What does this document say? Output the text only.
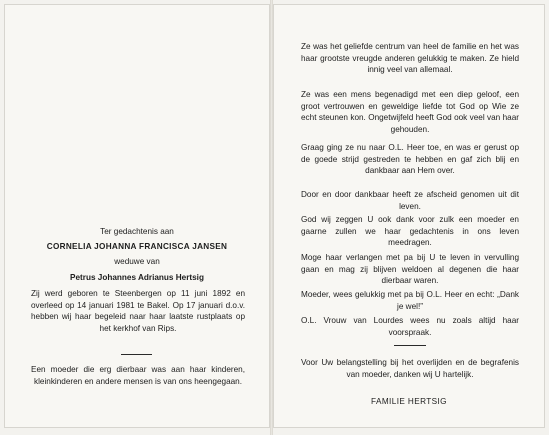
Ter gedachtenis aan
CORNELIA JOHANNA FRANCISCA JANSEN
weduwe van
Petrus Johannes Adrianus Hertsig
Zij werd geboren te Steenbergen op 11 juni 1892 en overleed op 14 januari 1981 te Bakel. Op 17 januari d.o.v. hebben wij haar begeleid naar haar laatste rustplaats op het kerkhof van Rips.
Een moeder die erg dierbaar was aan haar kinderen, kleinkinderen en andere mensen is van ons heengegaan.
Ze was het geliefde centrum van heel de familie en het was haar grootste vreugde anderen gelukkig te maken. Ze hield innig veel van allemaal.
Ze was een mens begenadigd met een diep geloof, een groot vertrouwen en geweldige liefde tot God op Wie ze echt steunen kon. Ongetwijfeld heeft God ook veel van haar gehouden.
Graag ging ze nu naar O.L. Heer toe, en was er gerust op de goede strijd gestreden te hebben en gaf zich blij en dankbaar aan Hem over.
Door en door dankbaar heeft ze afscheid genomen uit dit leven.
God wij zeggen U ook dank voor zulk een moeder en gaarne zullen we haar gedachtenis in ons leven meedragen.
Moge haar verlangen met pa bij U te leven in vervulling gaan en mag zij blijven weldoen al degenen die haar dierbaar waren.
Moeder, wees gelukkig met pa bij O.L. Heer en echt: „Dank je wel!”
O.L. Vrouw van Lourdes wees nu zoals altijd haar voorspraak.
Voor Uw belangstelling bij het overlijden en de begrafenis van moeder, danken wij U hartelijk.
FAMILIE HERTSIG
